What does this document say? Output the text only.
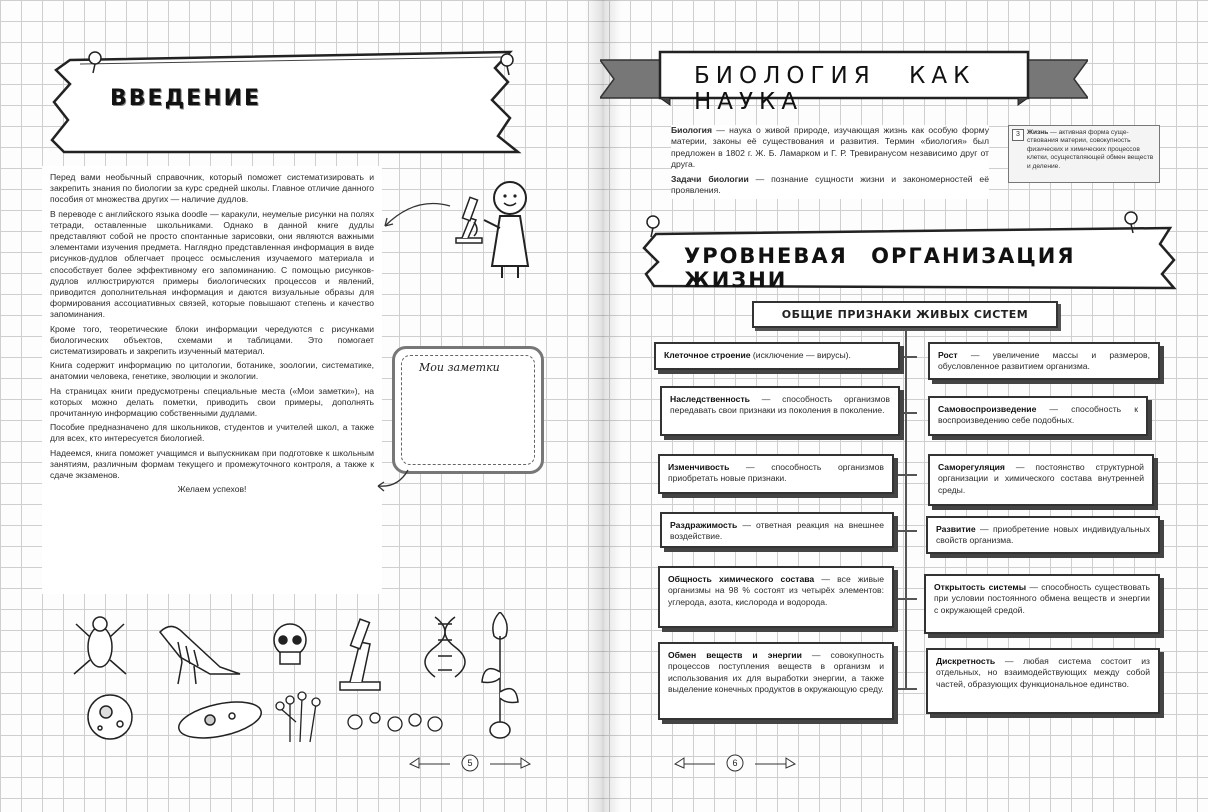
ВВЕДЕНИЕ

Перед вами необычный справочник, который поможет систематизировать и закрепить знания по биологии за курс средней школы. Главное отличие данного пособия от множества других — наличие дудлов.

В переводе с английского языка doodle — каракули, неумелые рисунки на полях тетради, оставленные школьниками. Однако в данной книге дудлы представляют собой не просто спонтанные зарисовки, они являются важными элементами изучения предмета. Наглядно представленная информация в виде рисунков-дудлов облегчает процесс осмысления изучаемого материала и способствует более эффективному его запоминанию. С помощью рисунков-дудлов иллюстрируются примеры биологических процессов и явлений, приводится дополнительная информация и даются визуальные образы для формирования ассоциативных связей, которые повышают степень и качество запоминания.

Кроме того, теоретические блоки информации чередуются с рисунками биологических объектов, схемами и таблицами. Это помогает систематизировать и закрепить изученный материал.

Книга содержит информацию по цитологии, ботанике, зоологии, систематике, анатомии человека, генетике, эволюции и экологии.

На страницах книги предусмотрены специальные места («Мои заметки»), на которых можно делать пометки, приводить свои примеры, дополнять прочитанную информацию собственными дудлами.

Пособие предназначено для школьников, студентов и учителей школ, а также для всех, кто интересуется биологией.

Надеемся, книга поможет учащимся и выпускникам при подготовке к школьным занятиям, различным формам текущего и промежуточного контроля, а также к сдаче экзаменов.

Желаем успехов!

Мои заметки
5
БИОЛОГИЯ КАК НАУКА

Биология — наука о живой природе, изучающая жизнь как особую форму материи, законы её существования и развития. Термин «биология» был предложен в 1802 г. Ж. Б. Ламарком и Г. Р. Тревиранусом независимо друг от друга.

Задачи биологии — познание сущности жизни и закономерностей её проявления.

3	Жизнь — активная форма существования материи, совокупность физических и химических процессов клетки, осуществляющей обмен веществ и деление.
УРОВНЕВАЯ ОРГАНИЗАЦИЯ ЖИЗНИ
ОБЩИЕ ПРИЗНАКИ ЖИВЫХ СИСТЕМ
Клеточное строение (исключение — вирусы).
Наследственность — способность организмов передавать свои признаки из поколения в поколение.
Изменчивость — способность организмов приобретать новые признаки.
Раздражимость — ответная реакция на внешнее воздействие.
Общность химического состава — все живые организмы на 98 % состоят из четырёх элементов: углерода, азота, кислорода и водорода.
Обмен веществ и энергии — совокупность процессов поступления веществ в организм и использования их для выработки энергии, а также выделение конечных продуктов в окружающую среду.
Рост — увеличение массы и размеров, обусловленное развитием организма.
Самовоспроизведение — способность к воспроизведению себе подобных.
Саморегуляция — постоянство структурной организации и химического состава внутренней среды.
Развитие — приобретение новых индивидуальных свойств организма.
Открытость системы — способность существовать при условии постоянного обмена веществ и энергии с окружающей средой.
Дискретность — любая система состоит из отдельных, но взаимодействующих между собой частей, образующих функциональное единство.
6
